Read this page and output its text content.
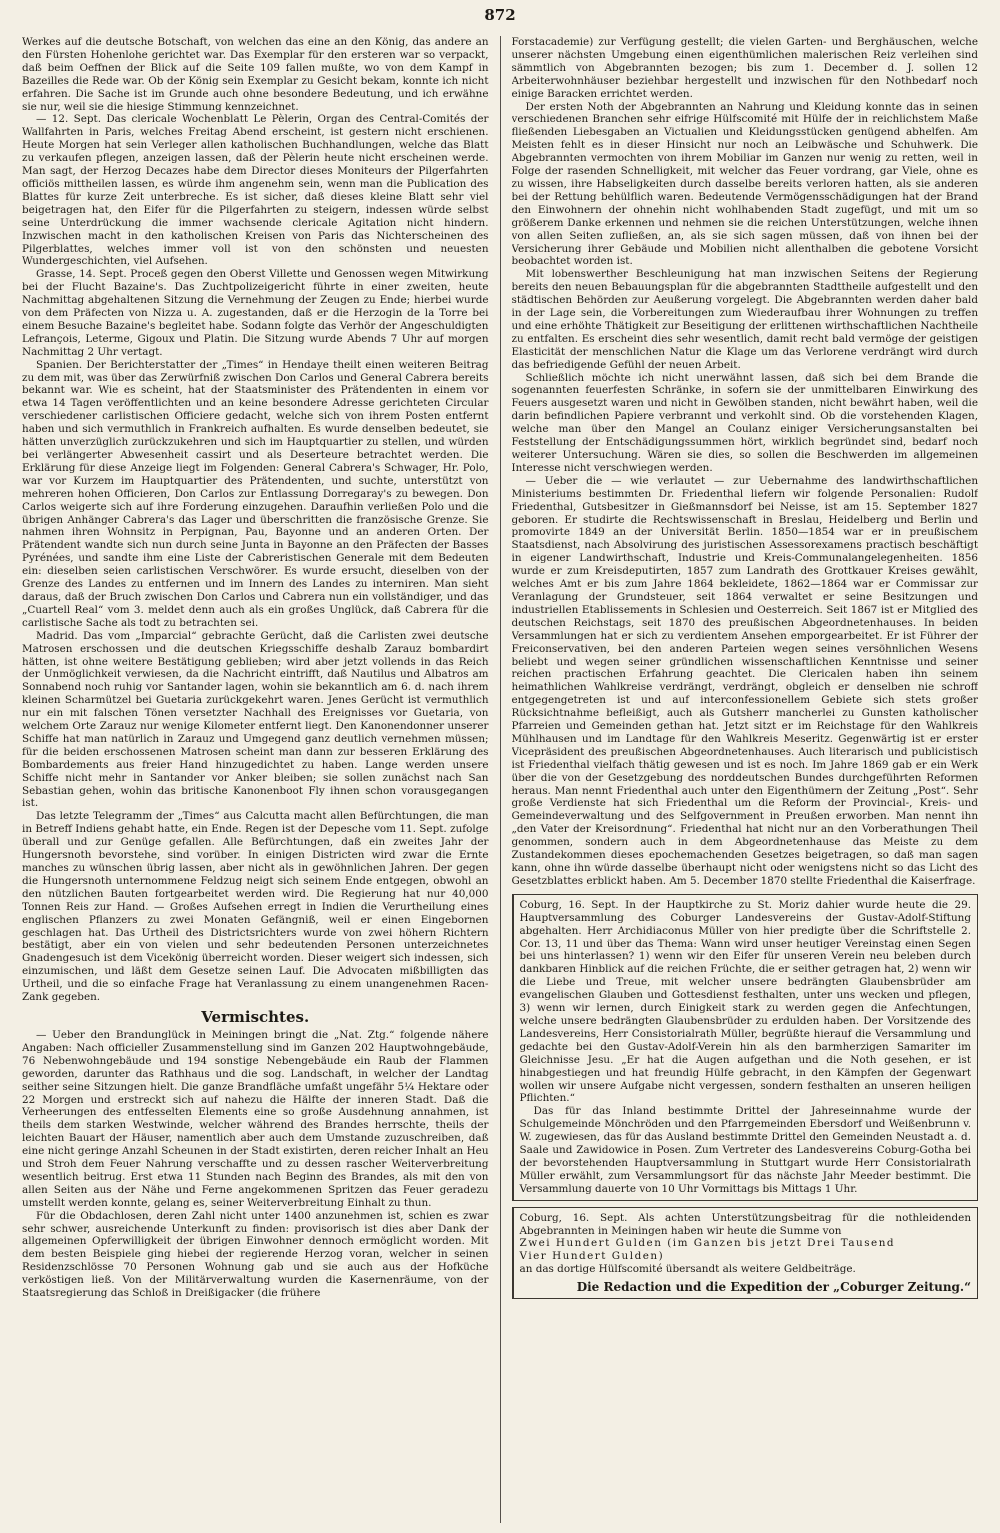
872

Werkes auf die deutsche Botschaft, von welchen das eine an den König, das andere an den Fürsten Hohenlohe gerichtet war. Das Exemplar für den ersteren war so verpackt, daß beim Oeffnen der Blick auf die Seite 109 fallen mußte, wo von dem Kampf in Bazeilles die Rede war. Ob der König sein Exemplar zu Gesicht bekam, konnte ich nicht erfahren. Die Sache ist im Grunde auch ohne besondere Bedeutung, und ich erwähne sie nur, weil sie die hiesige Stimmung kennzeichnet.

— 12. Sept. Das clericale Wochenblatt Le Pèlerin, Organ des Central-Comités der Wallfahrten in Paris, welches Freitag Abend erscheint, ist gestern nicht erschienen. Heute Morgen hat sein Verleger allen katholischen Buchhandlungen, welche das Blatt zu verkaufen pflegen, anzeigen lassen, daß der Pèlerin heute nicht erscheinen werde. Man sagt, der Herzog Decazes habe dem Director dieses Moniteurs der Pilgerfahrten officiös mittheilen lassen, es würde ihm angenehm sein, wenn man die Publication des Blattes für kurze Zeit unterbreche. Es ist sicher, daß dieses kleine Blatt sehr viel beigetragen hat, den Eifer für die Pilgerfahrten zu steigern, indessen würde selbst seine Unterdrückung die immer wachsende clericale Agitation nicht hindern. Inzwischen macht in den katholischen Kreisen von Paris das Nichterscheinen des Pilgerblattes, welches immer voll ist von den schönsten und neuesten Wundergeschichten, viel Aufsehen.

Grasse, 14. Sept. Proceß gegen den Oberst Villette und Genossen wegen Mitwirkung bei der Flucht Bazaine's. Das Zuchtpolizeigericht führte in einer zweiten, heute Nachmittag abgehaltenen Sitzung die Vernehmung der Zeugen zu Ende; hierbei wurde von dem Präfecten von Nizza u. A. zugestanden, daß er die Herzogin de la Torre bei einem Besuche Bazaine's begleitet habe. Sodann folgte das Verhör der Angeschuldigten Lefrançois, Leterme, Gigoux und Platin. Die Sitzung wurde Abends 7 Uhr auf morgen Nachmittag 2 Uhr vertagt.

Spanien. Der Berichterstatter der „Times“ in Hendaye theilt einen weiteren Beitrag zu dem mit, was über das Zerwürfniß zwischen Don Carlos und General Cabrera bereits bekannt war. Wie es scheint, hat der Staatsminister des Prätendenten in einem vor etwa 14 Tagen veröffentlichten und an keine besondere Adresse gerichteten Circular verschiedener carlistischen Officiere gedacht, welche sich von ihrem Posten entfernt haben und sich vermuthlich in Frankreich aufhalten. Es wurde denselben bedeutet, sie hätten unverzüglich zurückzukehren und sich im Hauptquartier zu stellen, und würden bei verlängerter Abwesenheit cassirt und als Deserteure betrachtet werden. Die Erklärung für diese Anzeige liegt im Folgenden: General Cabrera's Schwager, Hr. Polo, war vor Kurzem im Hauptquartier des Prätendenten, und suchte, unterstützt von mehreren hohen Officieren, Don Carlos zur Entlassung Dorregaray's zu bewegen. Don Carlos weigerte sich auf ihre Forderung einzugehen. Daraufhin verließen Polo und die übrigen Anhänger Cabrera's das Lager und überschritten die französische Grenze. Sie nahmen ihren Wohnsitz in Perpignan, Pau, Bayonne und an anderen Orten. Der Prätendent wandte sich nun durch seine Junta in Bayonne an den Präfecten der Basses Pyrénées, und sandte ihm eine Liste der Cabreristischen Generale mit dem Bedeuten ein: dieselben seien carlistischen Verschwörer. Es wurde ersucht, dieselben von der Grenze des Landes zu entfernen und im Innern des Landes zu interniren. Man sieht daraus, daß der Bruch zwischen Don Carlos und Cabrera nun ein vollständiger, und das „Cuartell Real“ vom 3. meldet denn auch als ein großes Unglück, daß Cabrera für die carlistische Sache als todt zu betrachten sei.

Madrid. Das vom „Imparcial“ gebrachte Gerücht, daß die Carlisten zwei deutsche Matrosen erschossen und die deutschen Kriegsschiffe deshalb Zarauz bombardirt hätten, ist ohne weitere Bestätigung geblieben; wird aber jetzt vollends in das Reich der Unmöglichkeit verwiesen, da die Nachricht eintrifft, daß Nautilus und Albatros am Sonnabend noch ruhig vor Santander lagen, wohin sie bekanntlich am 6. d. nach ihrem kleinen Scharmützel bei Guetaria zurückgekehrt waren. Jenes Gerücht ist vermuthlich nur ein mit falschen Tönen versetzter Nachhall des Ereignisses vor Guetaria, von welchem Orte Zarauz nur wenige Kilometer entfernt liegt. Den Kanonendonner unserer Schiffe hat man natürlich in Zarauz und Umgegend ganz deutlich vernehmen müssen; für die beiden erschossenen Matrosen scheint man dann zur besseren Erklärung des Bombardements aus freier Hand hinzugedichtet zu haben. Lange werden unsere Schiffe nicht mehr in Santander vor Anker bleiben; sie sollen zunächst nach San Sebastian gehen, wohin das britische Kanonenboot Fly ihnen schon vorausgegangen ist.

Das letzte Telegramm der „Times“ aus Calcutta macht allen Befürchtungen, die man in Betreff Indiens gehabt hatte, ein Ende. Regen ist der Depesche vom 11. Sept. zufolge überall und zur Genüge gefallen. Alle Befürchtungen, daß ein zweites Jahr der Hungersnoth bevorstehe, sind vorüber. In einigen Districten wird zwar die Ernte manches zu wünschen übrig lassen, aber nicht als in gewöhnlichen Jahren. Der gegen die Hungersnoth unternommene Feldzug neigt sich seinem Ende entgegen, obwohl an den nützlichen Bauten fortgearbeitet werden wird. Die Regierung hat nur 40,000 Tonnen Reis zur Hand. — Großes Aufsehen erregt in Indien die Verurtheilung eines englischen Pflanzers zu zwei Monaten Gefängniß, weil er einen Eingebornen geschlagen hat. Das Urtheil des Districtsrichters wurde von zwei höhern Richtern bestätigt, aber ein von vielen und sehr bedeutenden Personen unterzeichnetes Gnadengesuch ist dem Vicekönig überreicht worden. Dieser weigert sich indessen, sich einzumischen, und läßt dem Gesetze seinen Lauf. Die Advocaten mißbilligten das Urtheil, und die so einfache Frage hat Veranlassung zu einem unangenehmen Racen-Zank gegeben.

Vermischtes.

— Ueber den Brandunglück in Meiningen bringt die „Nat. Ztg.“ folgende nähere Angaben: Nach officieller Zusammenstellung sind im Ganzen 202 Hauptwohngebäude, 76 Nebenwohngebäude und 194 sonstige Nebengebäude ein Raub der Flammen geworden, darunter das Rathhaus und die sog. Landschaft, in welcher der Landtag seither seine Sitzungen hielt. Die ganze Brandfläche umfaßt ungefähr 5¼ Hektare oder 22 Morgen und erstreckt sich auf nahezu die Hälfte der inneren Stadt. Daß die Verheerungen des entfesselten Elements eine so große Ausdehnung annahmen, ist theils dem starken Westwinde, welcher während des Brandes herrschte, theils der leichten Bauart der Häuser, namentlich aber auch dem Umstande zuzuschreiben, daß eine nicht geringe Anzahl Scheunen in der Stadt existirten, deren reicher Inhalt an Heu und Stroh dem Feuer Nahrung verschaffte und zu dessen rascher Weiterverbreitung wesentlich beitrug. Erst etwa 11 Stunden nach Beginn des Brandes, als mit den von allen Seiten aus der Nähe und Ferne angekommenen Spritzen das Feuer geradezu umstellt werden konnte, gelang es, seiner Weiterverbreitung Einhalt zu thun.

Für die Obdachlosen, deren Zahl nicht unter 1400 anzunehmen ist, schien es zwar sehr schwer, ausreichende Unterkunft zu finden: provisorisch ist dies aber Dank der allgemeinen Opferwilligkeit der übrigen Einwohner dennoch ermöglicht worden. Mit dem besten Beispiele ging hiebei der regierende Herzog voran, welcher in seinen Residenzschlösse 70 Personen Wohnung gab und sie auch aus der Hofküche verköstigen ließ. Von der Militärverwaltung wurden die Kasernenräume, von der Staatsregierung das Schloß in Dreißigacker (die frühere

Forstacademie) zur Verfügung gestellt; die vielen Garten- und Berghäuschen, welche unserer nächsten Umgebung einen eigenthümlichen malerischen Reiz verleihen sind sämmtlich von Abgebrannten bezogen; bis zum 1. December d. J. sollen 12 Arbeiterwohnhäuser beziehbar hergestellt und inzwischen für den Nothbedarf noch einige Baracken errichtet werden.

Der ersten Noth der Abgebrannten an Nahrung und Kleidung konnte das in seinen verschiedenen Branchen sehr eifrige Hülfscomité mit Hülfe der in reichlichstem Maße fließenden Liebesgaben an Victualien und Kleidungsstücken genügend abhelfen. Am Meisten fehlt es in dieser Hinsicht nur noch an Leibwäsche und Schuhwerk. Die Abgebrannten vermochten von ihrem Mobiliar im Ganzen nur wenig zu retten, weil in Folge der rasenden Schnelligkeit, mit welcher das Feuer vordrang, gar Viele, ohne es zu wissen, ihre Habseligkeiten durch dasselbe bereits verloren hatten, als sie anderen bei der Rettung behülflich waren. Bedeutende Vermögensschädigungen hat der Brand den Einwohnern der ohnehin nicht wohlhabenden Stadt zugefügt, und mit um so größerem Danke erkennen und nehmen sie die reichen Unterstützungen, welche ihnen von allen Seiten zufließen, an, als sie sich sagen müssen, daß von ihnen bei der Versicherung ihrer Gebäude und Mobilien nicht allenthalben die gebotene Vorsicht beobachtet worden ist.

Mit lobenswerther Beschleunigung hat man inzwischen Seitens der Regierung bereits den neuen Bebauungsplan für die abgebrannten Stadttheile aufgestellt und den städtischen Behörden zur Aeußerung vorgelegt. Die Abgebrannten werden daher bald in der Lage sein, die Vorbereitungen zum Wiederaufbau ihrer Wohnungen zu treffen und eine erhöhte Thätigkeit zur Beseitigung der erlittenen wirthschaftlichen Nachtheile zu entfalten. Es erscheint dies sehr wesentlich, damit recht bald vermöge der geistigen Elasticität der menschlichen Natur die Klage um das Verlorene verdrängt wird durch das befriedigende Gefühl der neuen Arbeit.

Schließlich möchte ich nicht unerwähnt lassen, daß sich bei dem Brande die sogenannten feuerfesten Schränke, in sofern sie der unmittelbaren Einwirkung des Feuers ausgesetzt waren und nicht in Gewölben standen, nicht bewährt haben, weil die darin befindlichen Papiere verbrannt und verkohlt sind. Ob die vorstehenden Klagen, welche man über den Mangel an Coulanz einiger Versicherungsanstalten bei Feststellung der Entschädigungssummen hört, wirklich begründet sind, bedarf noch weiterer Untersuchung. Wären sie dies, so sollen die Beschwerden im allgemeinen Interesse nicht verschwiegen werden.

— Ueber die — wie verlautet — zur Uebernahme des landwirthschaftlichen Ministeriums bestimmten Dr. Friedenthal liefern wir folgende Personalien: Rudolf Friedenthal, Gutsbesitzer in Gießmannsdorf bei Neisse, ist am 15. September 1827 geboren. Er studirte die Rechtswissenschaft in Breslau, Heidelberg und Berlin und promovirte 1849 an der Universität Berlin. 1850—1854 war er in preußischem Staatsdienst, nach Absolvirung des juristischen Assessorexamens practisch beschäftigt in eigener Landwirthschaft, Industrie und Kreis-Communalangelegenheiten. 1856 wurde er zum Kreisdeputirten, 1857 zum Landrath des Grottkauer Kreises gewählt, welches Amt er bis zum Jahre 1864 bekleidete, 1862—1864 war er Commissar zur Veranlagung der Grundsteuer, seit 1864 verwaltet er seine Besitzungen und industriellen Etablissements in Schlesien und Oesterreich. Seit 1867 ist er Mitglied des deutschen Reichstags, seit 1870 des preußischen Abgeordnetenhauses. In beiden Versammlungen hat er sich zu verdientem Ansehen emporgearbeitet. Er ist Führer der Freiconservativen, bei den anderen Parteien wegen seines versöhnlichen Wesens beliebt und wegen seiner gründlichen wissenschaftlichen Kenntnisse und seiner reichen practischen Erfahrung geachtet. Die Clericalen haben ihn seinem heimathlichen Wahlkreise verdrängt, verdrängt, obgleich er denselben nie schroff entgegengetreten ist und auf interconfessionellem Gebiete sich stets großer Rücksichtnahme befleißigt, auch als Gutsherr mancherlei zu Gunsten katholischer Pfarreien und Gemeinden gethan hat. Jetzt sitzt er im Reichstage für den Wahlkreis Mühlhausen und im Landtage für den Wahlkreis Meseritz. Gegenwärtig ist er erster Vicepräsident des preußischen Abgeordnetenhauses. Auch literarisch und publicistisch ist Friedenthal vielfach thätig gewesen und ist es noch. Im Jahre 1869 gab er ein Werk über die von der Gesetzgebung des norddeutschen Bundes durchgeführten Reformen heraus. Man nennt Friedenthal auch unter den Eigenthümern der Zeitung „Post“. Sehr große Verdienste hat sich Friedenthal um die Reform der Provincial-, Kreis- und Gemeindeverwaltung und des Selfgovernment in Preußen erworben. Man nennt ihn „den Vater der Kreisordnung“. Friedenthal hat nicht nur an den Vorberathungen Theil genommen, sondern auch in dem Abgeordnetenhause das Meiste zu dem Zustandekommen dieses epochemachenden Gesetzes beigetragen, so daß man sagen kann, ohne ihn würde dasselbe überhaupt nicht oder wenigstens nicht so das Licht des Gesetzblattes erblickt haben. Am 5. December 1870 stellte Friedenthal die Kaiserfrage.

Coburg, 16. Sept. In der Hauptkirche zu St. Moriz dahier wurde heute die 29. Hauptversammlung des Coburger Landesvereins der Gustav-Adolf-Stiftung abgehalten. Herr Archidiaconus Müller von hier predigte über die Schriftstelle 2. Cor. 13, 11 und über das Thema: Wann wird unser heutiger Vereinstag einen Segen bei uns hinterlassen? 1) wenn wir den Eifer für unseren Verein neu beleben durch dankbaren Hinblick auf die reichen Früchte, die er seither getragen hat, 2) wenn wir die Liebe und Treue, mit welcher unsere bedrängten Glaubensbrüder am evangelischen Glauben und Gottesdienst festhalten, unter uns wecken und pflegen, 3) wenn wir lernen, durch Einigkeit stark zu werden gegen die Anfechtungen, welche unsere bedrängten Glaubensbrüder zu erdulden haben. Der Vorsitzende des Landesvereins, Herr Consistorialrath Müller, begrüßte hierauf die Versammlung und gedachte bei den Gustav-Adolf-Verein hin als den barmherzigen Samariter im Gleichnisse Jesu. „Er hat die Augen aufgethan und die Noth gesehen, er ist hinabgestiegen und hat freundig Hülfe gebracht, in den Kämpfen der Gegenwart wollen wir unsere Aufgabe nicht vergessen, sondern festhalten an unseren heiligen Pflichten.“

Das für das Inland bestimmte Drittel der Jahreseinnahme wurde der Schulgemeinde Mönchröden und den Pfarrgemeinden Ebersdorf und Weißenbrunn v. W. zugewiesen, das für das Ausland bestimmte Drittel den Gemeinden Neustadt a. d. Saale und Zawidowice in Posen. Zum Vertreter des Landesvereins Coburg-Gotha bei der bevorstehenden Hauptversammlung in Stuttgart wurde Herr Consistorialrath Müller erwählt, zum Versammlungsort für das nächste Jahr Meeder bestimmt. Die Versammlung dauerte von 10 Uhr Vormittags bis Mittags 1 Uhr.

Coburg, 16. Sept. Als achten Unterstützungsbeitrag für die nothleidenden Abgebrannten in Meiningen haben wir heute die Summe von

Zwei Hundert Gulden (im Ganzen bis jetzt Drei Tausend

Vier Hundert Gulden)

an das dortige Hülfscomité übersandt als weitere Geldbeiträge.

Die Redaction und die Expedition der „Coburger Zeitung.“
